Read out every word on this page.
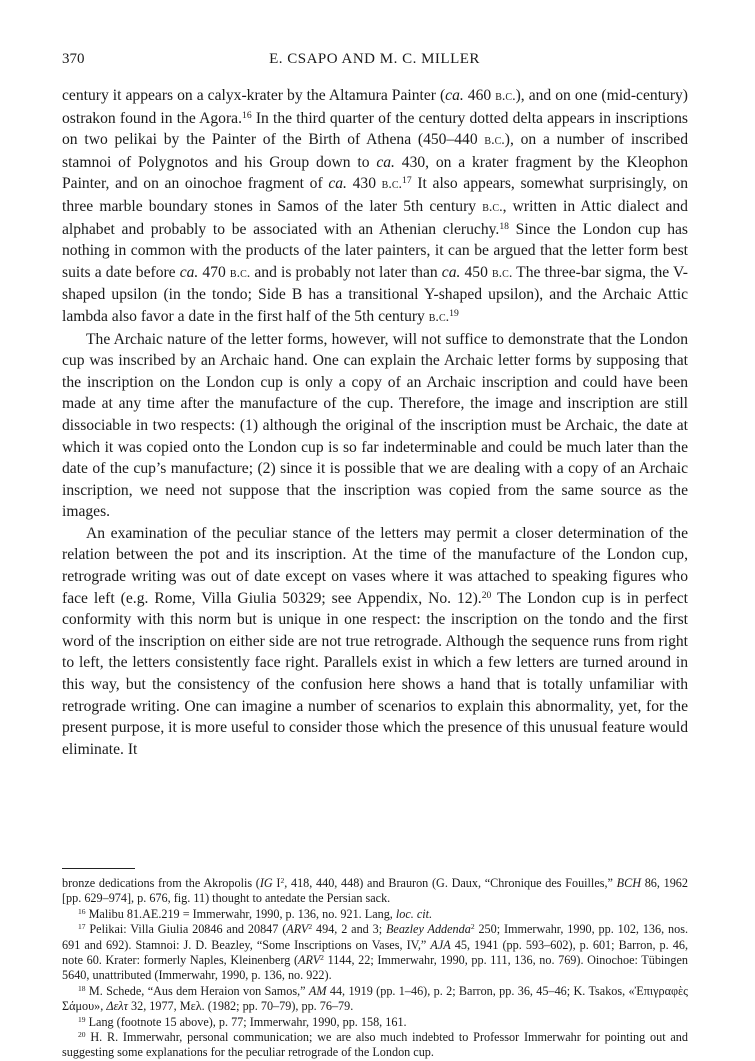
370	E. CSAPO AND M. C. MILLER

century it appears on a calyx-krater by the Altamura Painter (ca. 460 b.c.), and on one (mid-century) ostrakon found in the Agora.$^{16}$ In the third quarter of the century dotted delta appears in inscriptions on two pelikai by the Painter of the Birth of Athena (450–440 b.c.), on a number of inscribed stamnoi of Polygnotos and his Group down to ca. 430, on a krater fragment by the Kleophon Painter, and on an oinochoe fragment of ca. 430 b.c.$^{17}$ It also appears, somewhat surprisingly, on three marble boundary stones in Samos of the later 5th century b.c., written in Attic dialect and alphabet and probably to be associated with an Athenian cleruchy.$^{18}$ Since the London cup has nothing in common with the products of the later painters, it can be argued that the letter form best suits a date before ca. 470 b.c. and is probably not later than ca. 450 b.c. The three-bar sigma, the V-shaped upsilon (in the tondo; Side B has a transitional Y-shaped upsilon), and the Archaic Attic lambda also favor a date in the first half of the 5th century b.c.$^{19}$

The Archaic nature of the letter forms, however, will not suffice to demonstrate that the London cup was inscribed by an Archaic hand. One can explain the Archaic letter forms by supposing that the inscription on the London cup is only a copy of an Archaic inscription and could have been made at any time after the manufacture of the cup. Therefore, the image and inscription are still dissociable in two respects: (1) although the original of the inscription must be Archaic, the date at which it was copied onto the London cup is so far indeterminable and could be much later than the date of the cup’s manufacture; (2) since it is possible that we are dealing with a copy of an Archaic inscription, we need not suppose that the inscription was copied from the same source as the images.

An examination of the peculiar stance of the letters may permit a closer determination of the relation between the pot and its inscription. At the time of the manufacture of the London cup, retrograde writing was out of date except on vases where it was attached to speaking figures who face left (e.g. Rome, Villa Giulia 50329; see Appendix, No. 12).$^{20}$ The London cup is in perfect conformity with this norm but is unique in one respect: the inscription on the tondo and the first word of the inscription on either side are not true retrograde. Although the sequence runs from right to left, the letters consistently face right. Parallels exist in which a few letters are turned around in this way, but the consistency of the confusion here shows a hand that is totally unfamiliar with retrograde writing. One can imagine a number of scenarios to explain this abnormality, yet, for the present purpose, it is more useful to consider those which the presence of this unusual feature would eliminate. It

bronze dedications from the Akropolis (IG $I^2$, 418, 440, 448) and Brauron (G. Daux, “Chronique des Fouilles,” BCH 86, 1962 [pp. 629–974], p. 676, fig. 11) thought to antedate the Persian sack.

$^{16}$ Malibu 81.AE.219 = Immerwahr, 1990, p. 136, no. 921. Lang, loc. cit.

$^{17}$ Pelikai: Villa Giulia 20846 and 20847 (ARV$^2$ 494, 2 and 3; Beazley Addenda$^2$ 250; Immerwahr, 1990, pp. 102, 136, nos. 691 and 692). Stamnoi: J. D. Beazley, “Some Inscriptions on Vases, IV,” AJA 45, 1941 (pp. 593–602), p. 601; Barron, p. 46, note 60. Krater: formerly Naples, Kleinenberg (ARV$^2$ 1144, 22; Immerwahr, 1990, pp. 111, 136, no. 769). Oinochoe: Tübingen 5640, unattributed (Immerwahr, 1990, p. 136, no. 922).

$^{18}$ M. Schede, “Aus dem Heraion von Samos,” AM 44, 1919 (pp. 1–46), p. 2; Barron, pp. 36, 45–46; K. Tsakos, «Ἐπιγραφὲς Σάμου», Δελτ 32, 1977, Μελ. (1982; pp. 70–79), pp. 76–79.

$^{19}$ Lang (footnote 15 above), p. 77; Immerwahr, 1990, pp. 158, 161.

$^{20}$ H. R. Immerwahr, personal communication; we are also much indebted to Professor Immerwahr for pointing out and suggesting some explanations for the peculiar retrograde of the London cup.
